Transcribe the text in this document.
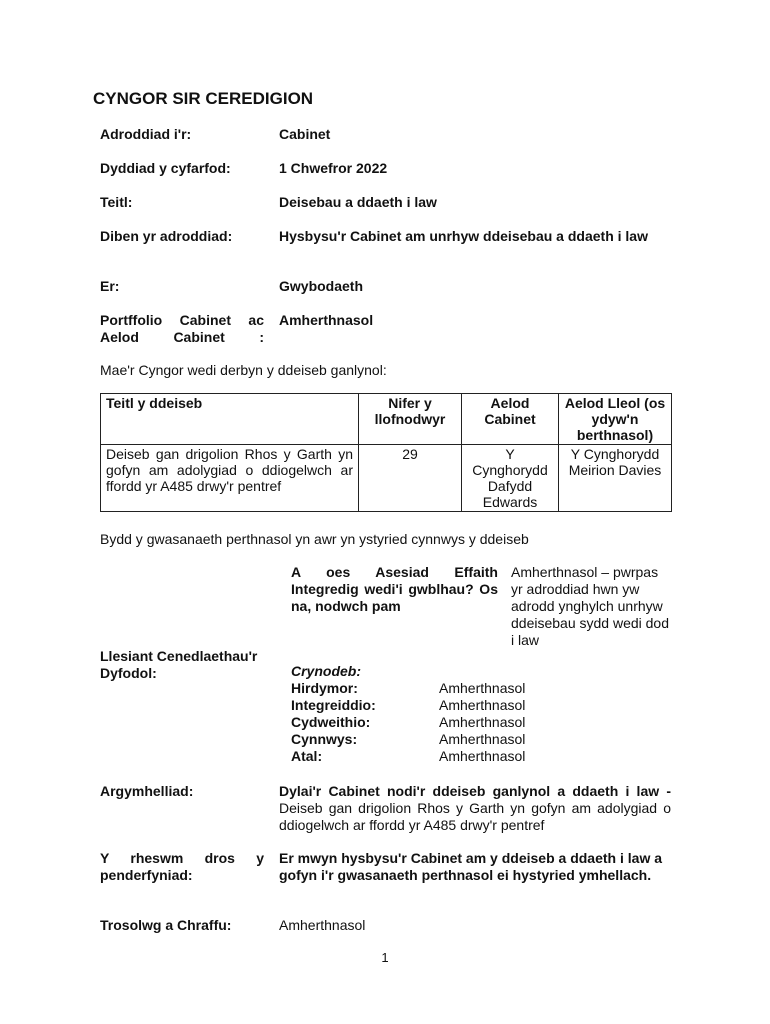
CYNGOR SIR CEREDIGION
Adroddiad i'r:	Cabinet
Dyddiad y cyfarfod:	1 Chwefror 2022
Teitl:	Deisebau a ddaeth i law
Diben yr adroddiad:	Hysbysu'r Cabinet am unrhyw ddeisebau a ddaeth i law
Er:	Gwybodaeth
Portffolio Cabinet ac Aelod Cabinet :
Amherthnasol
Mae'r Cyngor wedi derbyn y ddeiseb ganlynol:
Teitl y ddeiseb	Nifer y llofnodwyr	Aelod Cabinet	Aelod Lleol (os ydyw'n berthnasol)
Deiseb gan drigolion Rhos y Garth yn gofyn am adolygiad o ddiogelwch ar ffordd yr A485 drwy'r pentref	29	Y Cynghorydd Dafydd Edwards	Y Cynghorydd Meirion Davies
Bydd y gwasanaeth perthnasol yn awr yn ystyried cynnwys y ddeiseb
Llesiant Cenedlaethau'r Dyfodol:
A oes Asesiad Effaith Integredig wedi'i gwblhau? Os na, nodwch pam
Amherthnasol – pwrpas yr adroddiad hwn yw adrodd ynghylch unrhyw ddeisebau sydd wedi dod i law
Crynodeb:
Hirdymor:	Amherthnasol
Integreiddio:	Amherthnasol
Cydweithio:	Amherthnasol
Cynnwys:	Amherthnasol
Atal:	Amherthnasol
Argymhelliad:	Dylai'r Cabinet nodi'r ddeiseb ganlynol a ddaeth i law - Deiseb gan drigolion Rhos y Garth yn gofyn am adolygiad o ddiogelwch ar ffordd yr A485 drwy'r pentref
Y rheswm dros y penderfyniad:
Er mwyn hysbysu'r Cabinet am y ddeiseb a ddaeth i law a gofyn i'r gwasanaeth perthnasol ei hystyried ymhellach.
Trosolwg a Chraffu:	Amherthnasol
1
